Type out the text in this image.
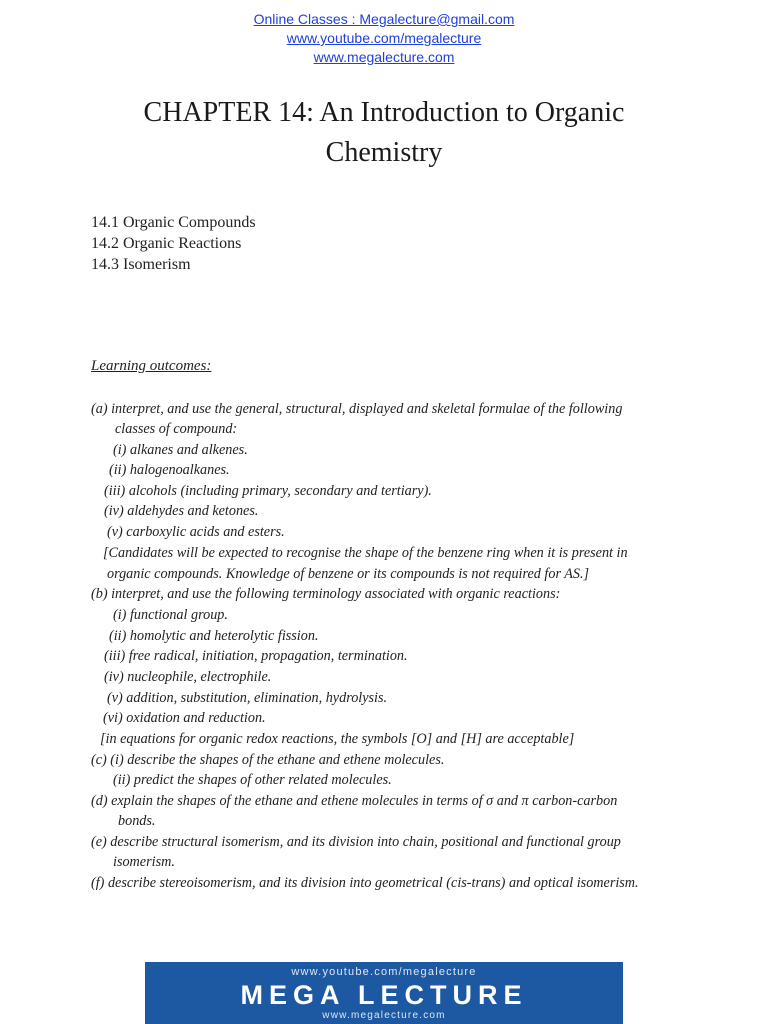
Online Classes : Megalecture@gmail.com
www.youtube.com/megalecture
www.megalecture.com
CHAPTER 14: An Introduction to Organic
Chemistry
14.1 Organic Compounds
14.2 Organic Reactions
14.3 Isomerism
Learning outcomes:
(a) interpret, and use the general, structural, displayed and skeletal formulae of the following
classes of compound:
(i) alkanes and alkenes.
(ii) halogenoalkanes.
(iii) alcohols (including primary, secondary and tertiary).
(iv) aldehydes and ketones.
(v) carboxylic acids and esters.
[Candidates will be expected to recognise the shape of the benzene ring when it is present in
organic compounds. Knowledge of benzene or its compounds is not required for AS.]
(b) interpret, and use the following terminology associated with organic reactions:
(i) functional group.
(ii) homolytic and heterolytic fission.
(iii) free radical, initiation, propagation, termination.
(iv) nucleophile, electrophile.
(v) addition, substitution, elimination, hydrolysis.
(vi) oxidation and reduction.
[in equations for organic redox reactions, the symbols [O] and [H] are acceptable]
(c) (i) describe the shapes of the ethane and ethene molecules.
(ii) predict the shapes of other related molecules.
(d) explain the shapes of the ethane and ethene molecules in terms of σ and π carbon-carbon
bonds.
(e) describe structural isomerism, and its division into chain, positional and functional group
isomerism.
(f) describe stereoisomerism, and its division into geometrical (cis-trans) and optical isomerism.
www.youtube.com/megalecture
MEGA LECTURE
www.megalecture.com
